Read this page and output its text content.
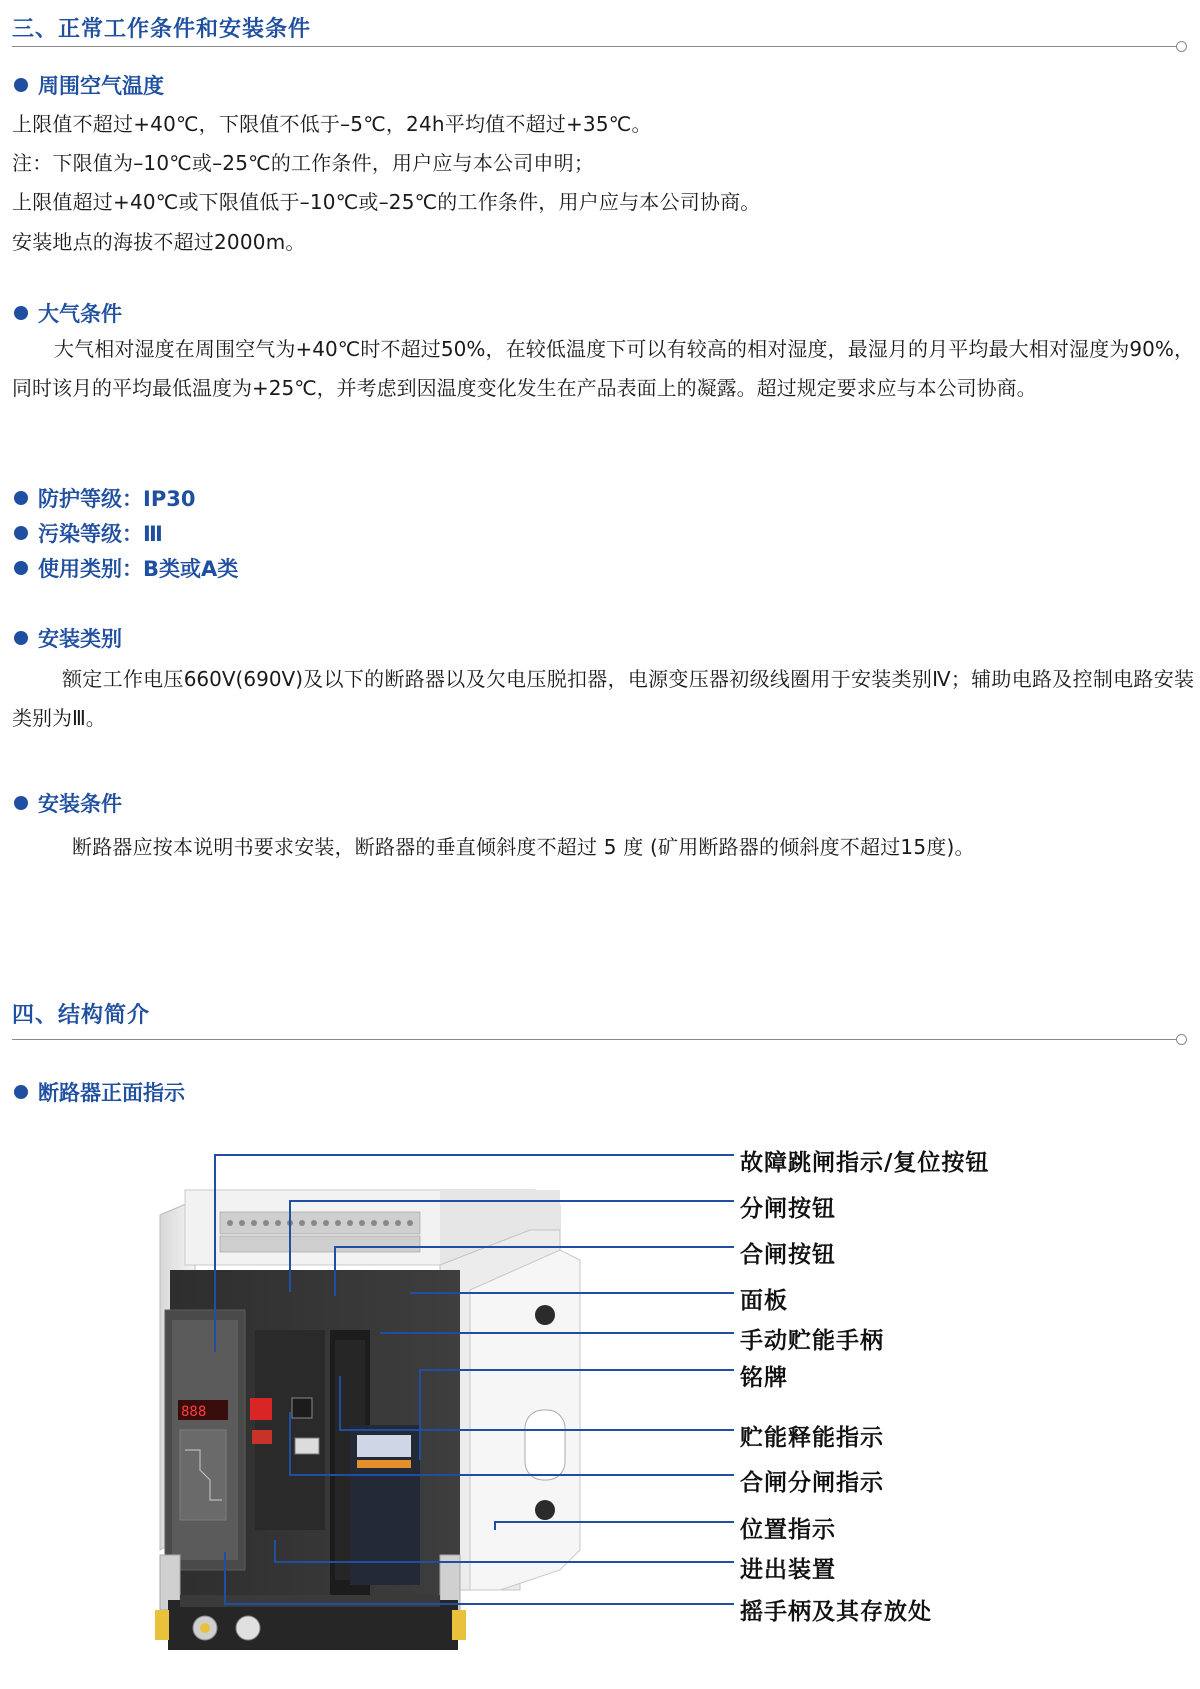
三、正常工作条件和安装条件
周围空气温度
上限值不超过+40℃，下限值不低于–5℃，24h平均值不超过+35℃。
注：下限值为–10℃或–25℃的工作条件，用户应与本公司申明；
上限值超过+40℃或下限值低于–10℃或–25℃的工作条件，用户应与本公司协商。
安装地点的海拔不超过2000m。
大气条件
大气相对湿度在周围空气为+40℃时不超过50%，在较低温度下可以有较高的相对湿度，最湿月的月平均最大相对湿度为90%， 同时该月的平均最低温度为+25℃，并考虑到因温度变化发生在产品表面上的凝露。超过规定要求应与本公司协商。
防护等级：IP30
污染等级：Ⅲ
使用类别：B类或A类
安装类别
额定工作电压660V(690V)及以下的断路器以及欠电压脱扣器，电源变压器初级线圈用于安装类别Ⅳ；辅助电路及控制电路安装类别为Ⅲ。
安装条件
断路器应按本说明书要求安装，断路器的垂直倾斜度不超过 5 度 (矿用断路器的倾斜度不超过15度)。
四、结构简介
断路器正面指示
888
故障跳闸指示/复位按钮
分闸按钮
合闸按钮
面板
手动贮能手柄
铭牌
贮能释能指示
合闸分闸指示
位置指示
进出装置
摇手柄及其存放处
